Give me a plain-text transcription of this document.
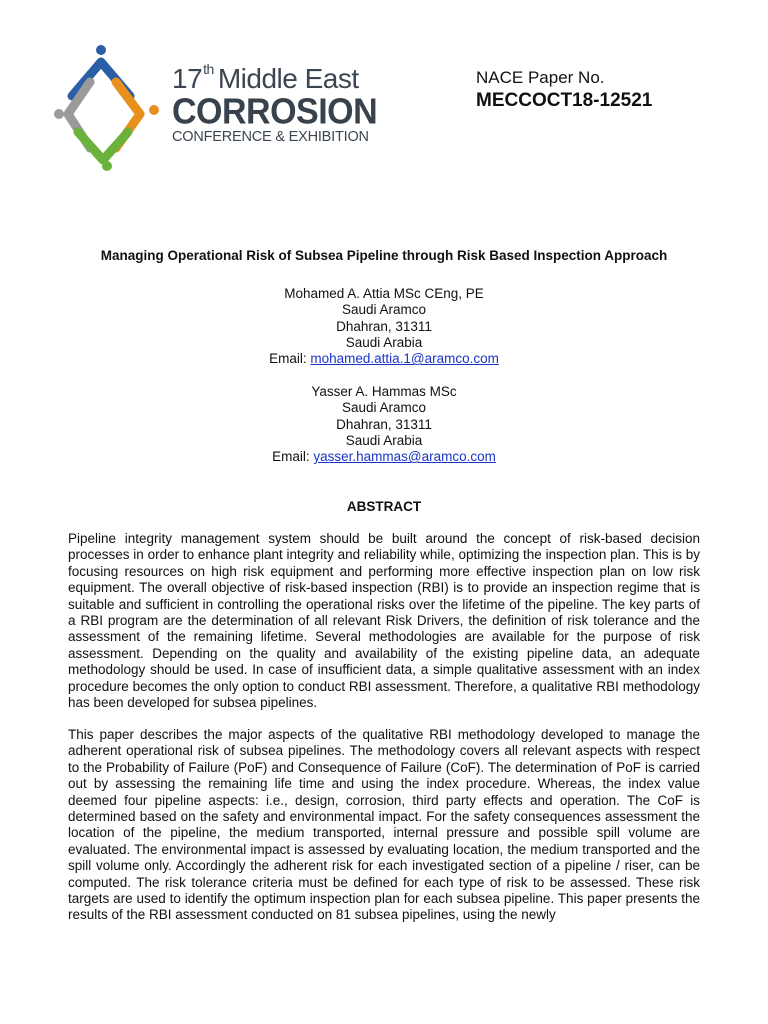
17th Middle East
CORROSION
CONFERENCE & EXHIBITION
NACE Paper No.
MECCOCT18-12521
Managing Operational Risk of Subsea Pipeline through Risk Based Inspection Approach
Mohamed A. Attia MSc CEng, PE
Saudi Aramco
Dhahran, 31311
Saudi Arabia
Email: mohamed.attia.1@aramco.com
Yasser A. Hammas MSc
Saudi Aramco
Dhahran, 31311
Saudi Arabia
Email: yasser.hammas@aramco.com
ABSTRACT

Pipeline integrity management system should be built around the concept of risk-based decision processes in order to enhance plant integrity and reliability while, optimizing the inspection plan. This is by focusing resources on high risk equipment and performing more effective inspection plan on low risk equipment. The overall objective of risk-based inspection (RBI) is to provide an inspection regime that is suitable and sufficient in controlling the operational risks over the lifetime of the pipeline. The key parts of a RBI program are the determination of all relevant Risk Drivers, the definition of risk tolerance and the assessment of the remaining lifetime. Several methodologies are available for the purpose of risk assessment. Depending on the quality and availability of the existing pipeline data, an adequate methodology should be used. In case of insufficient data, a simple qualitative assessment with an index procedure becomes the only option to conduct RBI assessment. Therefore, a qualitative RBI methodology has been developed for subsea pipelines.

This paper describes the major aspects of the qualitative RBI methodology developed to manage the adherent operational risk of subsea pipelines. The methodology covers all relevant aspects with respect to the Probability of Failure (PoF) and Consequence of Failure (CoF). The determination of PoF is carried out by assessing the remaining life time and using the index procedure. Whereas, the index value deemed four pipeline aspects: i.e., design, corrosion, third party effects and operation. The CoF is determined based on the safety and environmental impact. For the safety consequences assessment the location of the pipeline, the medium transported, internal pressure and possible spill volume are evaluated. The environmental impact is assessed by evaluating location, the medium transported and the spill volume only. Accordingly the adherent risk for each investigated section of a pipeline / riser, can be computed. The risk tolerance criteria must be defined for each type of risk to be assessed. These risk targets are used to identify the optimum inspection plan for each subsea pipeline. This paper presents the results of the RBI assessment conducted on 81 subsea pipelines, using the newly
